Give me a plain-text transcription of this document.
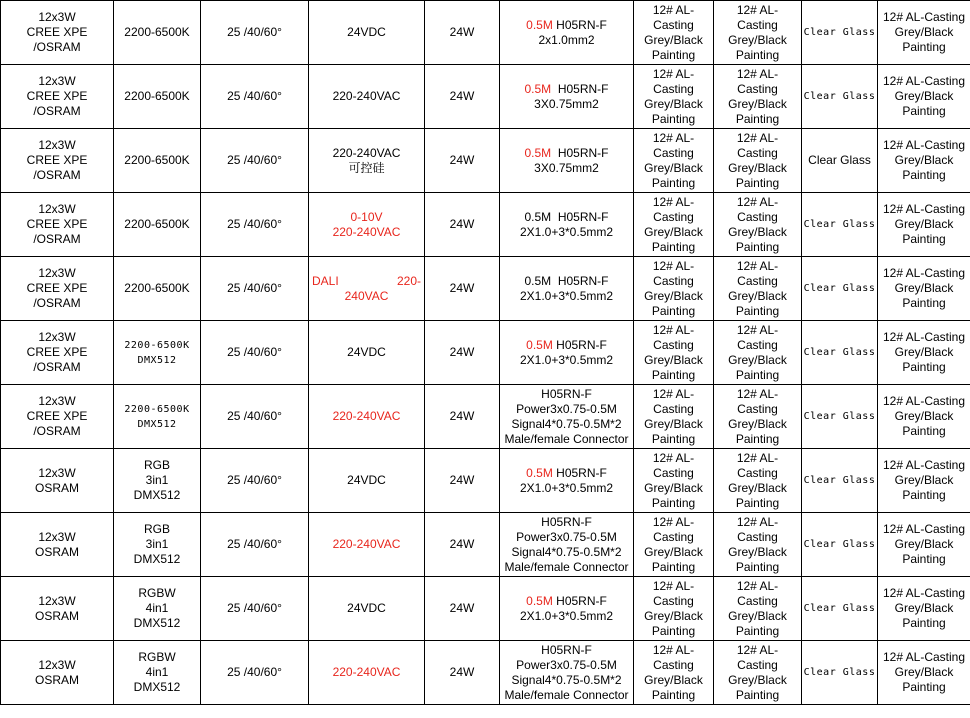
12x3W
CREE XPE
/OSRAM	2200-6500K	25 /40/60°	24VDC	24W	0.5M H05RN-F
2x1.0mm2	12# AL-
Casting
Grey/Black
Painting	12# AL-
Casting
Grey/Black
Painting	Clear Glass	12# AL-Casting
Grey/Black
Painting

12x3W
CREE XPE
/OSRAM	2200-6500K	25 /40/60°	220-240VAC	24W	0.5M  H05RN-F
3X0.75mm2	12# AL-
Casting
Grey/Black
Painting	12# AL-
Casting
Grey/Black
Painting	Clear Glass	12# AL-Casting
Grey/Black
Painting

12x3W
CREE XPE
/OSRAM	2200-6500K	25 /40/60°	220-240VAC
可控硅	24W	0.5M  H05RN-F
3X0.75mm2	12# AL-
Casting
Grey/Black
Painting	12# AL-
Casting
Grey/Black
Painting	Clear Glass	12# AL-Casting
Grey/Black
Painting

12x3W
CREE XPE
/OSRAM	2200-6500K	25 /40/60°	0-10V
220-240VAC	24W	0.5M  H05RN-F
2X1.0+3*0.5mm2	12# AL-
Casting
Grey/Black
Painting	12# AL-
Casting
Grey/Black
Painting	Clear Glass	12# AL-Casting
Grey/Black
Painting

12x3W
CREE XPE
/OSRAM	2200-6500K	25 /40/60°	DALI 220-
240VAC	24W	0.5M  H05RN-F
2X1.0+3*0.5mm2	12# AL-
Casting
Grey/Black
Painting	12# AL-
Casting
Grey/Black
Painting	Clear Glass	12# AL-Casting
Grey/Black
Painting

12x3W
CREE XPE
/OSRAM	2200-6500K
DMX512	25 /40/60°	24VDC	24W	0.5M H05RN-F
2X1.0+3*0.5mm2	12# AL-
Casting
Grey/Black
Painting	12# AL-
Casting
Grey/Black
Painting	Clear Glass	12# AL-Casting
Grey/Black
Painting

12x3W
CREE XPE
/OSRAM	2200-6500K
DMX512	25 /40/60°	220-240VAC	24W	H05RN-F
Power3x0.75-0.5M
Signal4*0.75-0.5M*2
Male/female Connector	12# AL-
Casting
Grey/Black
Painting	12# AL-
Casting
Grey/Black
Painting	Clear Glass	12# AL-Casting
Grey/Black
Painting

12x3W
OSRAM	RGB
3in1
DMX512	25 /40/60°	24VDC	24W	0.5M H05RN-F
2X1.0+3*0.5mm2	12# AL-
Casting
Grey/Black
Painting	12# AL-
Casting
Grey/Black
Painting	Clear Glass	12# AL-Casting
Grey/Black
Painting

12x3W
OSRAM	RGB
3in1
DMX512	25 /40/60°	220-240VAC	24W	H05RN-F
Power3x0.75-0.5M
Signal4*0.75-0.5M*2
Male/female Connector	12# AL-
Casting
Grey/Black
Painting	12# AL-
Casting
Grey/Black
Painting	Clear Glass	12# AL-Casting
Grey/Black
Painting

12x3W
OSRAM	RGBW
4in1
DMX512	25 /40/60°	24VDC	24W	0.5M H05RN-F
2X1.0+3*0.5mm2	12# AL-
Casting
Grey/Black
Painting	12# AL-
Casting
Grey/Black
Painting	Clear Glass	12# AL-Casting
Grey/Black
Painting

12x3W
OSRAM	RGBW
4in1
DMX512	25 /40/60°	220-240VAC	24W	H05RN-F
Power3x0.75-0.5M
Signal4*0.75-0.5M*2
Male/female Connector	12# AL-
Casting
Grey/Black
Painting	12# AL-
Casting
Grey/Black
Painting	Clear Glass	12# AL-Casting
Grey/Black
Painting
